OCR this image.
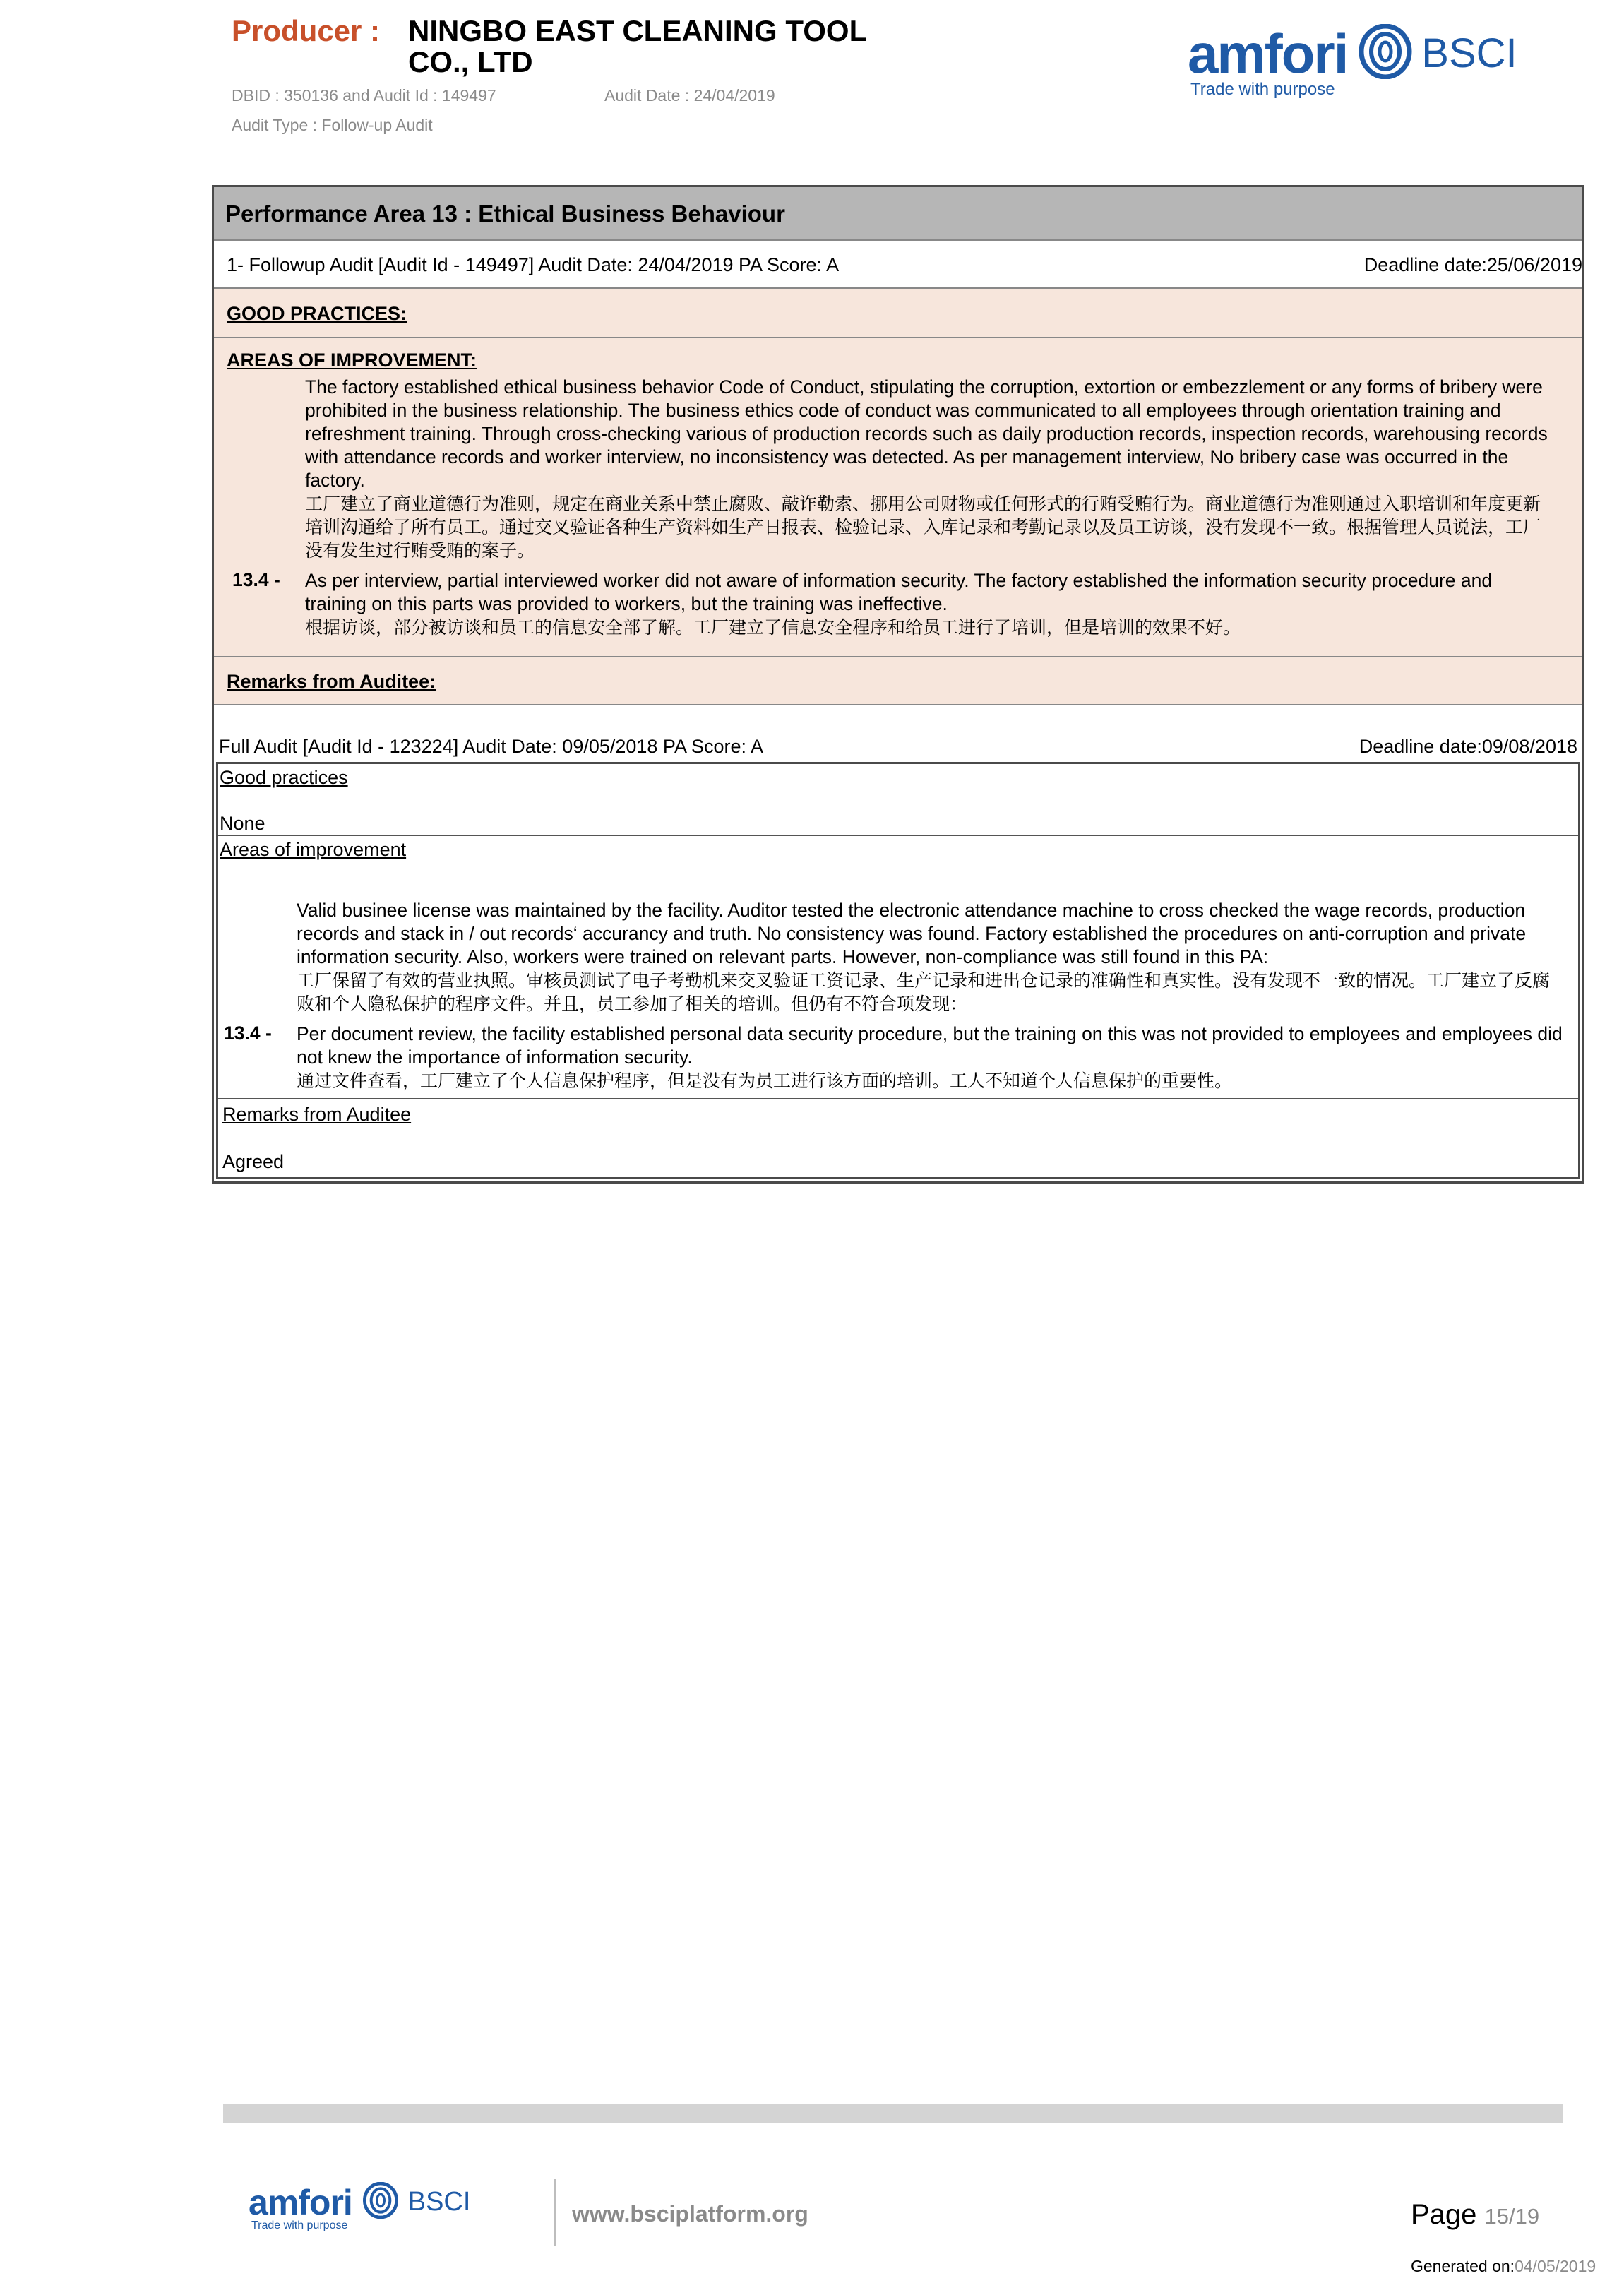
Producer : NINGBO EAST CLEANING TOOL
CO., LTD
DBID : 350136 and Audit Id : 149497	Audit Date : 24/04/2019
Audit Type : Follow-up Audit
amfori BSCI
Trade with purpose
Performance Area 13 : Ethical Business Behaviour
1- Followup Audit [Audit Id - 149497] Audit Date: 24/04/2019 PA Score: A	Deadline date:25/06/2019
GOOD PRACTICES:
AREAS OF IMPROVEMENT:
The factory established ethical business behavior Code of Conduct, stipulating the corruption, extortion or embezzlement or any forms of bribery were prohibited in the business relationship. The business ethics code of conduct was communicated to all employees through orientation training and refreshment training. Through cross-checking various of production records such as daily production records, inspection records, warehousing records with attendance records and worker interview, no inconsistency was detected. As per management interview, No bribery case was occurred in the factory.
工厂建立了商业道德行为准则，规定在商业关系中禁止腐败、敲诈勒索、挪用公司财物或任何形式的行贿受贿行为。商业道德行为准则通过入职培训和年度更新培训沟通给了所有员工。通过交叉验证各种生产资料如生产日报表、检验记录、入库记录和考勤记录以及员工访谈，没有发现不一致。根据管理人员说法，工厂没有发生过行贿受贿的案子。
13.4 - As per interview, partial interviewed worker did not aware of information security. The factory established the information security procedure and training on this parts was provided to workers, but the training was ineffective.
根据访谈，部分被访谈和员工的信息安全部了解。工厂建立了信息安全程序和给员工进行了培训，但是培训的效果不好。
Remarks from Auditee:
Full Audit [Audit Id - 123224] Audit Date: 09/05/2018 PA Score: A	Deadline date:09/08/2018
Good practices
None
Areas of improvement
Valid businee license was maintained by the facility. Auditor tested the electronic attendance machine to cross checked the wage records, production records and stack in / out records‘ accurancy and truth. No consistency was found. Factory established the procedures on anti-corruption and private information security. Also, workers were trained on relevant parts. However, non-compliance was still found in this PA:
工厂保留了有效的营业执照。审核员测试了电子考勤机来交叉验证工资记录、生产记录和进出仓记录的准确性和真实性。没有发现不一致的情况。工厂建立了反腐败和个人隐私保护的程序文件。并且，员工参加了相关的培训。但仍有不符合项发现：
13.4 - Per document review, the facility established personal data security procedure, but the training on this was not provided to employees and employees did not knew the importance of information security.
通过文件查看，工厂建立了个人信息保护程序，但是没有为员工进行该方面的培训。工人不知道个人信息保护的重要性。
Remarks from Auditee
Agreed
amfori BSCI
Trade with purpose	www.bsciplatform.org	Page 15/19
Generated on:04/05/2019
